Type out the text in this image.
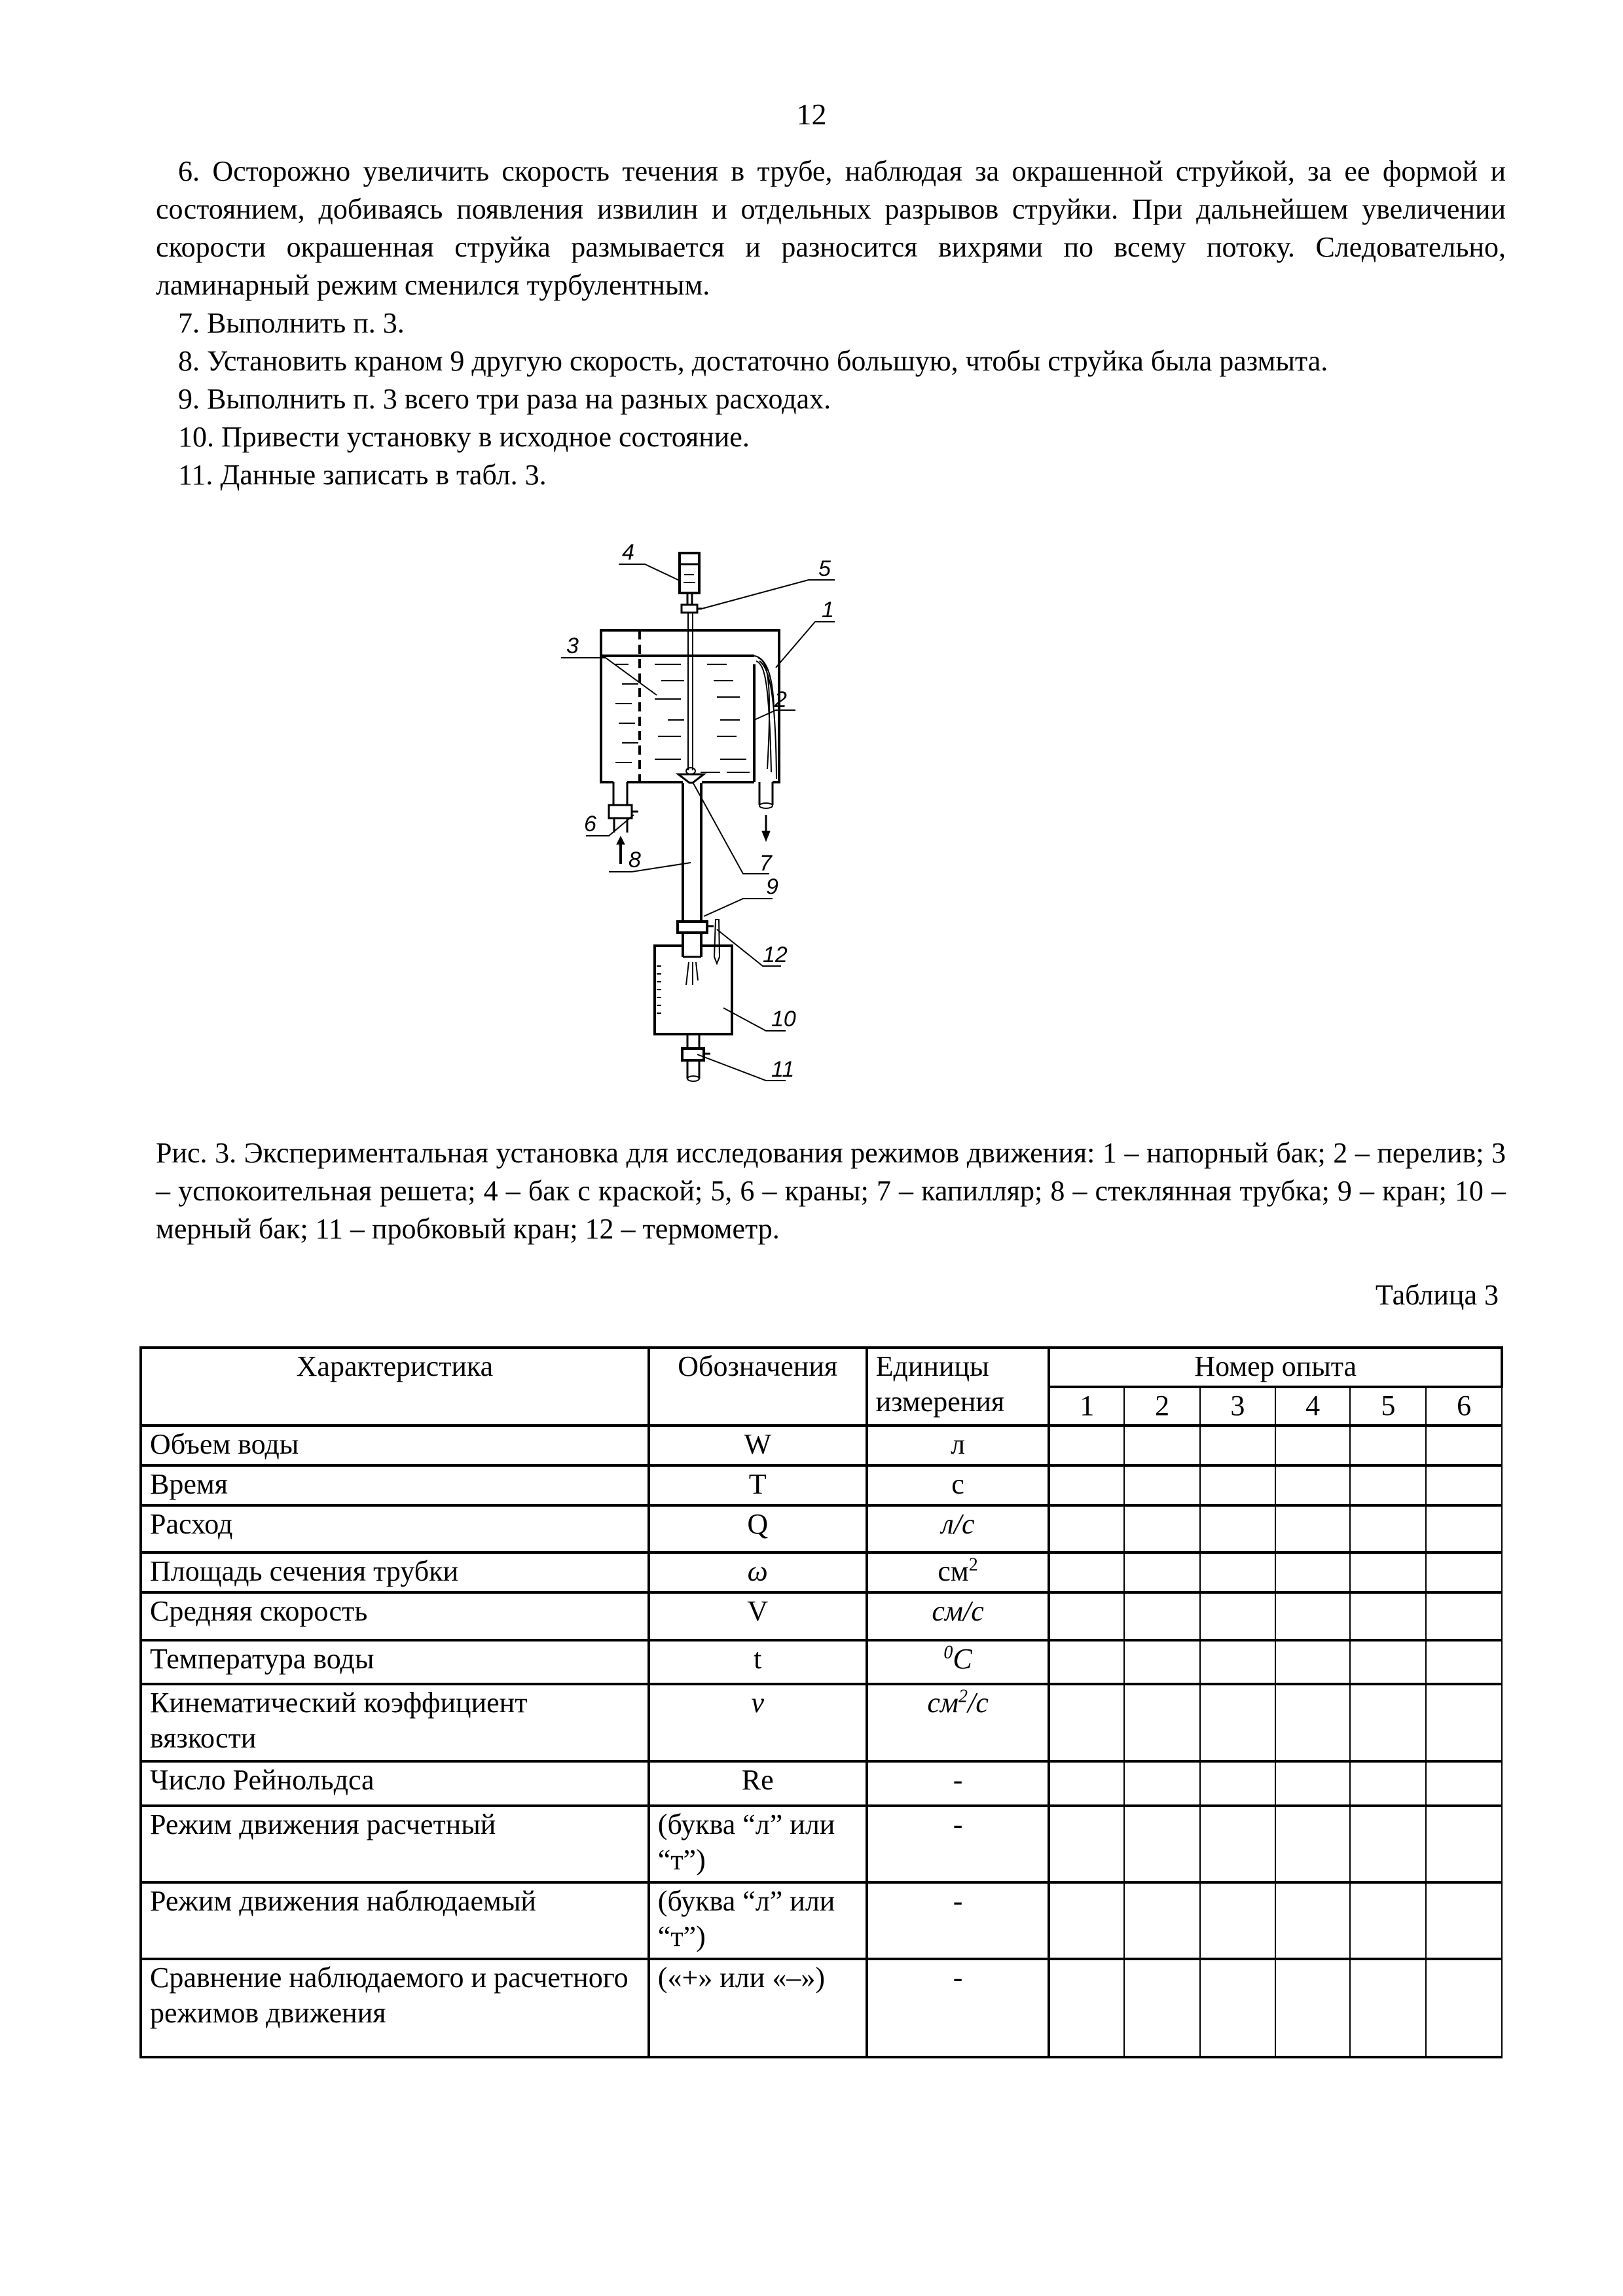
12

6. Осторожно увеличить скорость течения в трубе, наблюдая за окрашенной струйкой, за ее формой и состоянием, добиваясь появления извилин и отдельных разрывов струйки. При дальнейшем увеличении скорости окрашенная струйка размывается и разносится вихрями по всему потоку. Следовательно, ламинарный режим сменился турбулентным.

7. Выполнить п. 3.

8. Установить краном 9 другую скорость, достаточно большую, чтобы струйка была размыта.

9. Выполнить п. 3 всего три раза на разных расходах.

10. Привести установку в исходное состояние.

11. Данные записать в табл. 3.

4
5
1
3
2
6
7
8
9
12
10
11
Рис. 3. Экспериментальная установка для исследования режимов движения: 1 – напорный бак; 2 – перелив; 3 – успокоительная решета; 4 – бак с краской; 5, 6 – краны; 7 – капилляр; 8 – стеклянная трубка; 9 – кран; 10 – мерный бак; 11 – пробковый кран; 12 – термометр.
Таблица 3
Характеристика	Обозначения	Единицы измерения	Номер опыта					
			1	2	3	4	5	6
Объем воды	W	л						
Время	T	с						
Расход	Q	л/с						
Площадь сечения трубки	ω	$см^2$						
Средняя скорость	V	см/с						
Температура воды	t	$^0$C						
Кинематический коэффициент вязкости	ν	$см^2/с$						
Число Рейнольдса	Re	-						
Режим движения расчетный	(буква “л” или “т”)	-						
Режим движения наблюдаемый	(буква “л” или “т”)	-						
Сравнение наблюдаемого и расчетного режимов движения	(«+» или «–»)	-						
